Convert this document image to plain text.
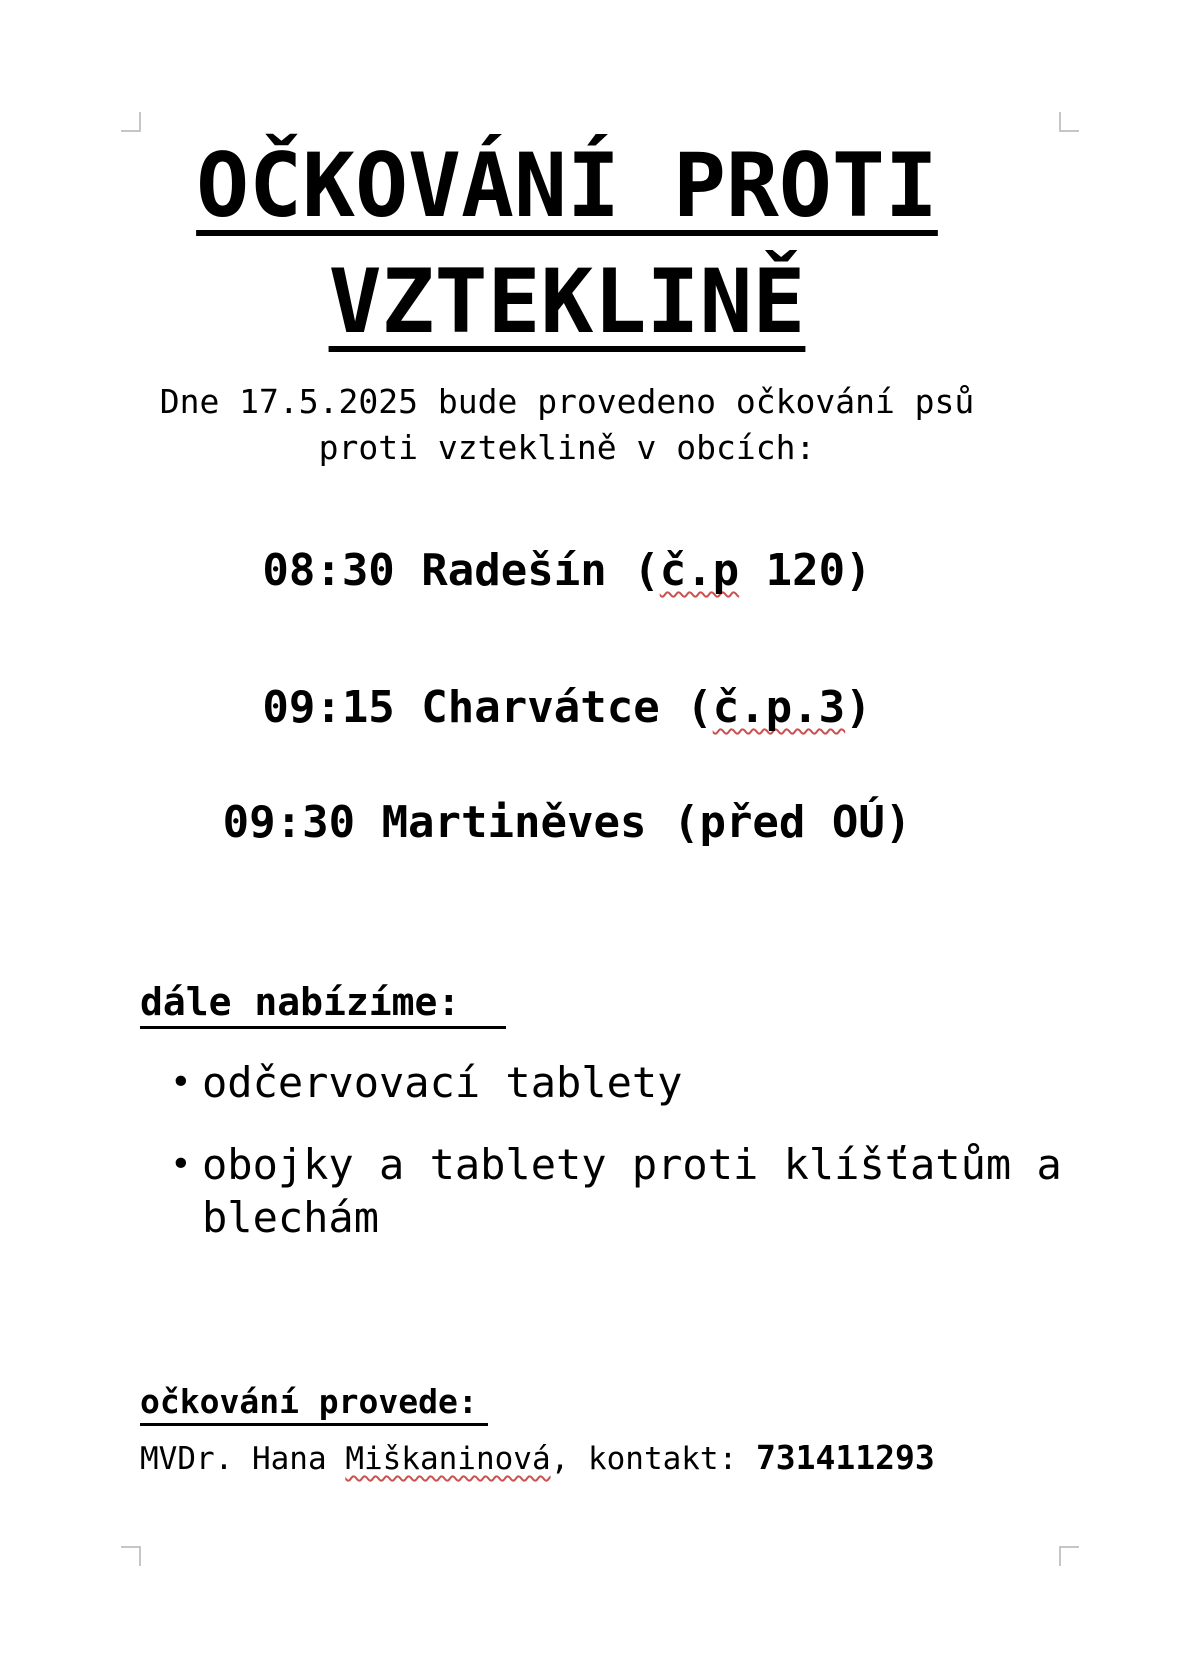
OČKOVÁNÍ PROTI
VZTEKLINĚ
Dne 17.5.2025 bude provedeno očkování psů
proti vzteklině v obcích:
08:30 Radešín (č.p 120)
09:15 Charvátce (č.p.3)
09:30 Martiněves (před OÚ)
dále nabízíme:
• odčervovací tablety
• obojky a tablety proti klíšťatům a blechám
očkování provede:
MVDr. Hana Miškaninová, kontakt: 731411293
